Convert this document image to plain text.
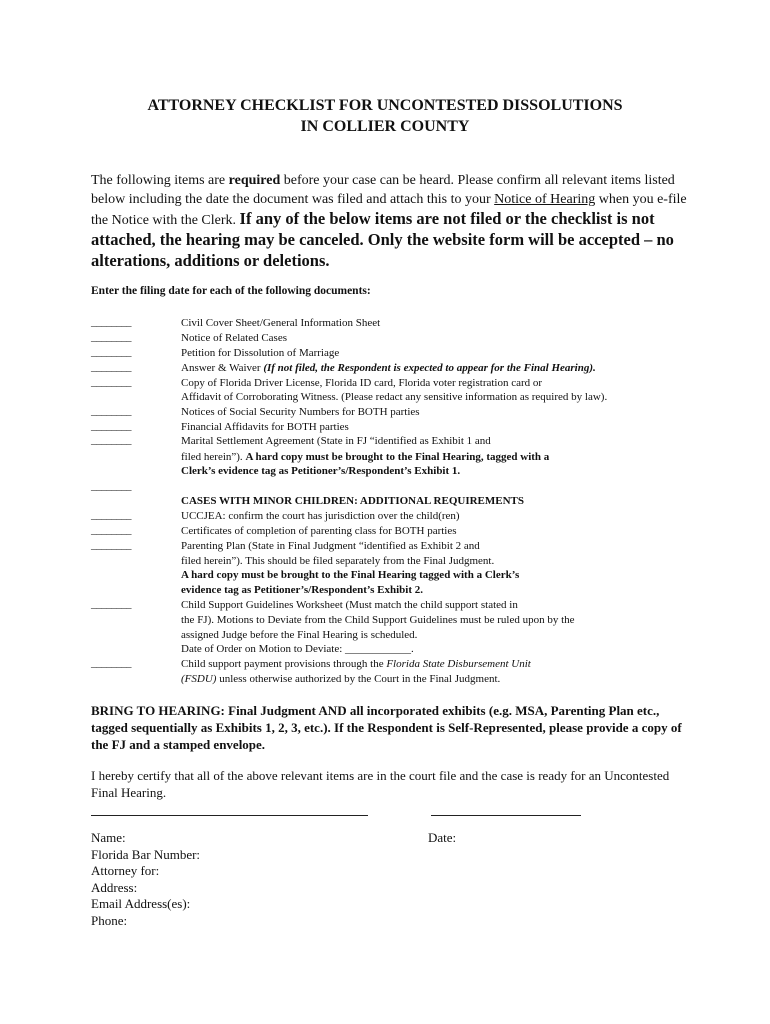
ATTORNEY CHECKLIST FOR UNCONTESTED DISSOLUTIONS
IN COLLIER COUNTY
The following items are required before your case can be heard. Please confirm all relevant items listed below including the date the document was filed and attach this to your Notice of Hearing when you e-file the Notice with the Clerk. If any of the below items are not filed or the checklist is not attached, the hearing may be canceled. Only the website form will be accepted – no alterations, additions or deletions.
Enter the filing date for each of the following documents:
________
________
________
________
________
________
________
________
________
________
________
________
________
________
Civil Cover Sheet/General Information Sheet
Notice of Related Cases
Petition for Dissolution of Marriage
Answer & Waiver (If not filed, the Respondent is expected to appear for the Final Hearing).
Copy of Florida Driver License, Florida ID card, Florida voter registration card or
Affidavit of Corroborating Witness. (Please redact any sensitive information as required by law).
Notices of Social Security Numbers for BOTH parties
Financial Affidavits for BOTH parties
Marital Settlement Agreement (State in FJ “identified as Exhibit 1 and
filed herein”). A hard copy must be brought to the Final Hearing, tagged with a
Clerk’s evidence tag as Petitioner’s/Respondent’s Exhibit 1.
CASES WITH MINOR CHILDREN: ADDITIONAL REQUIREMENTS
UCCJEA: confirm the court has jurisdiction over the child(ren)
Certificates of completion of parenting class for BOTH parties
Parenting Plan (State in Final Judgment “identified as Exhibit 2 and
filed herein”). This should be filed separately from the Final Judgment.
A hard copy must be brought to the Final Hearing tagged with a Clerk’s
evidence tag as Petitioner’s/Respondent’s Exhibit 2.
Child Support Guidelines Worksheet (Must match the child support stated in
the FJ). Motions to Deviate from the Child Support Guidelines must be ruled upon by the
assigned Judge before the Final Hearing is scheduled.
Date of Order on Motion to Deviate: ____________.
Child support payment provisions through the Florida State Disbursement Unit
(FSDU) unless otherwise authorized by the Court in the Final Judgment.
BRING TO HEARING: Final Judgment AND all incorporated exhibits (e.g. MSA, Parenting Plan etc., tagged sequentially as Exhibits 1, 2, 3, etc.). If the Respondent is Self-Represented, please provide a copy of the FJ and a stamped envelope.
I hereby certify that all of the above relevant items are in the court file and the case is ready for an Uncontested Final Hearing.
Name:
Florida Bar Number:
Attorney for:
Address:
Email Address(es):
Phone:
Date:
